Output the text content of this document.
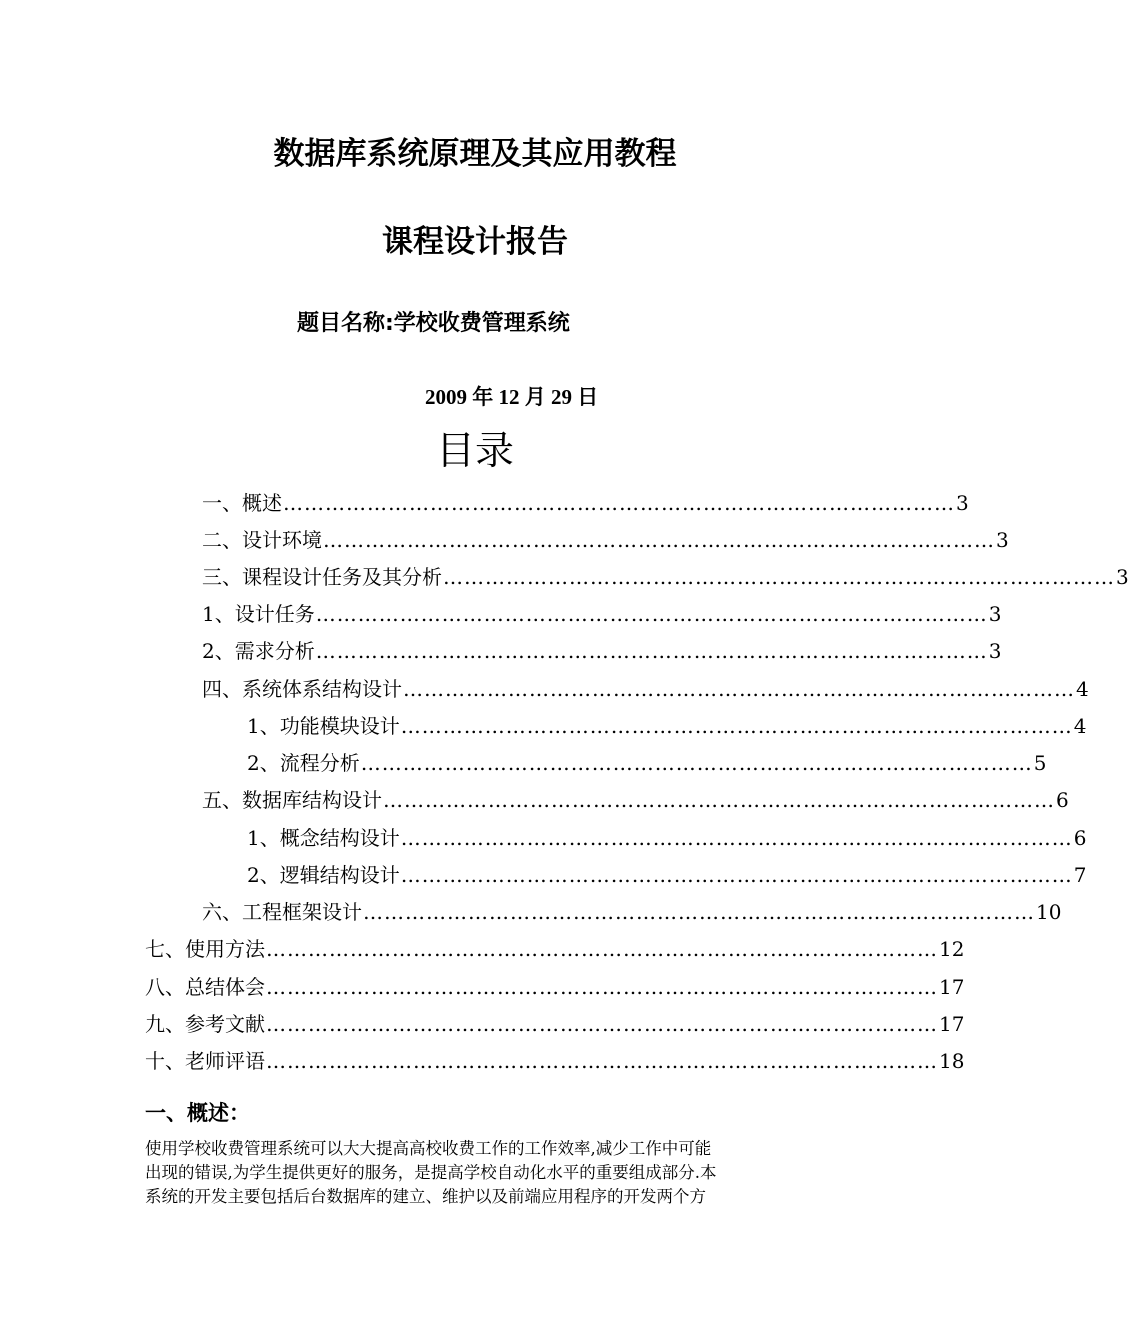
数据库系统原理及其应用教程
课程设计报告
题目名称:学校收费管理系统
2009 年 12 月 29 日
目录
一、概述 …………………………………………………………………………………… 3
二、设计环境 …………………………………………………………………………………… 3
三、课程设计任务及其分析 …………………………………………………………………………………… 3
1、设计任务 …………………………………………………………………………………… 3
2、需求分析 …………………………………………………………………………………… 3
四、系统体系结构设计 …………………………………………………………………………………… 4
1、功能模块设计 …………………………………………………………………………………… 4
2、流程分析 …………………………………………………………………………………… 5
五、数据库结构设计 …………………………………………………………………………………… 6
1、概念结构设计 …………………………………………………………………………………… 6
2、逻辑结构设计 …………………………………………………………………………………… 7
六、工程框架设计 …………………………………………………………………………………… 10
七、 使用方法 …………………………………………………………………………………… 12
八、 总结体会 …………………………………………………………………………………… 17
九、 参考文献 …………………………………………………………………………………… 17
十、 老师评语 …………………………………………………………………………………… 18
一、概述：
使用学校收费管理系统可以大大提高高校收费工作的工作效率,减少工作中可能
出现的错误,为学生提供更好的服务，是提高学校自动化水平的重要组成部分.本
系统的开发主要包括后台数据库的建立、维护以及前端应用程序的开发两个方
